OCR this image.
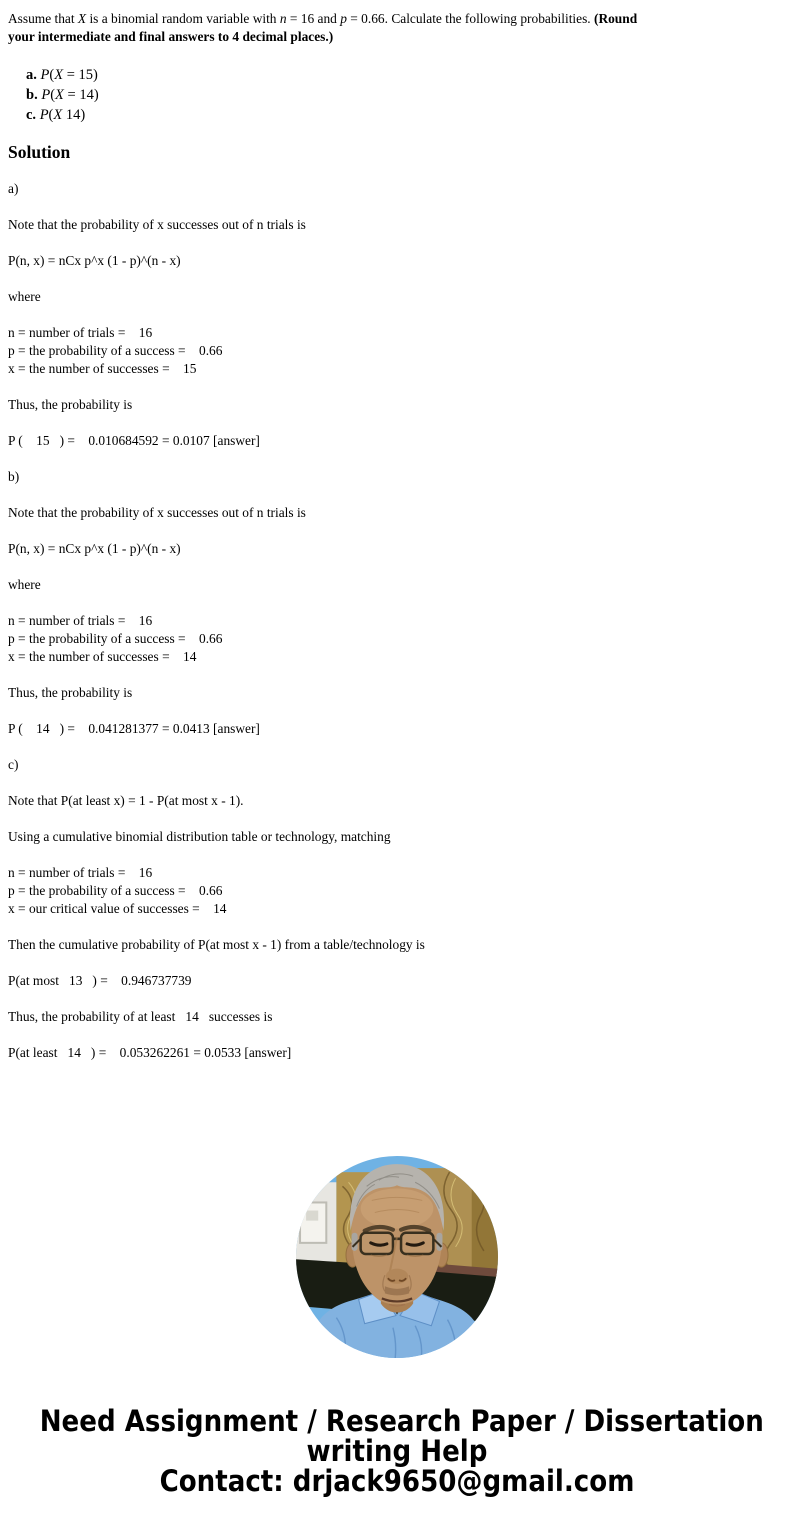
Assume that X is a binomial random variable with n = 16 and p = 0.66. Calculate the following probabilities. (Round
your intermediate and final answers to 4 decimal places.)
a. P(X = 15)
b. P(X = 14)
c. P(X 14)
Solution

a)

Note that the probability of x successes out of n trials is

P(n, x) = nCx p^x (1 - p)^(n - x)

where

n = number of trials =    16
p = the probability of a success =    0.66
x = the number of successes =    15

Thus, the probability is

P (    15   ) =    0.010684592 = 0.0107 [answer]

b)

Note that the probability of x successes out of n trials is

P(n, x) = nCx p^x (1 - p)^(n - x)

where

n = number of trials =    16
p = the probability of a success =    0.66
x = the number of successes =    14

Thus, the probability is

P (    14   ) =    0.041281377 = 0.0413 [answer]

c)

Note that P(at least x) = 1 - P(at most x - 1).

Using a cumulative binomial distribution table or technology, matching

n = number of trials =    16
p = the probability of a success =    0.66
x = our critical value of successes =    14

Then the cumulative probability of P(at most x - 1) from a table/technology is

P(at most   13   ) =    0.946737739

Thus, the probability of at least   14   successes is

P(at least   14   ) =    0.053262261 = 0.0533 [answer]

Need Assignment / Research Paper / Dissertation
writing Help
Contact: drjack9650@gmail.com
